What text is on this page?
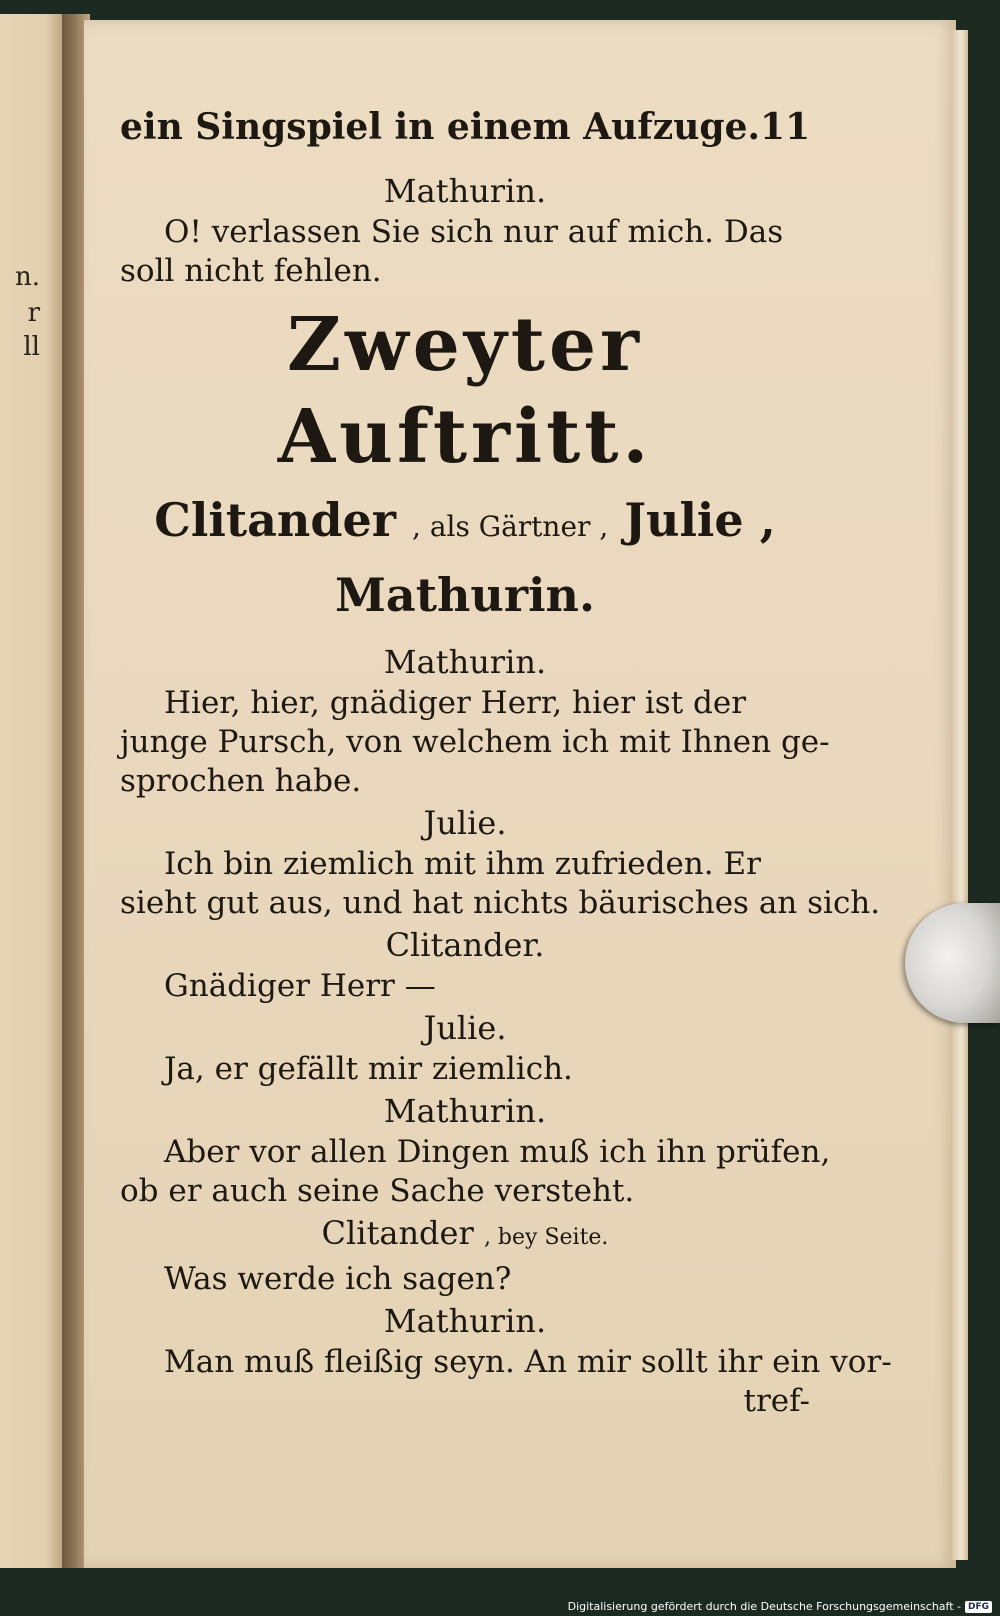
n.
r
ll
ein Singspiel in einem Aufzuge. 11
Mathurin.
O! verlassen Sie sich nur auf mich. Das
soll nicht fehlen.
Zweyter Auftritt.
Clitander , als Gärtner , Julie ,
Mathurin.
Mathurin.
Hier, hier, gnädiger Herr, hier ist der
junge Pursch, von welchem ich mit Ihnen ge-
sprochen habe.
Julie.
Ich bin ziemlich mit ihm zufrieden. Er
sieht gut aus, und hat nichts bäurisches an sich.
Clitander.
Gnädiger Herr —
Julie.
Ja, er gefällt mir ziemlich.
Mathurin.
Aber vor allen Dingen muß ich ihn prüfen,
ob er auch seine Sache versteht.
Clitander , bey Seite.
Was werde ich sagen?
Mathurin.
Man muß fleißig seyn. An mir sollt ihr ein vor-
tref-
Digitalisierung gefördert durch die Deutsche Forschungsgemeinschaft - DFG
